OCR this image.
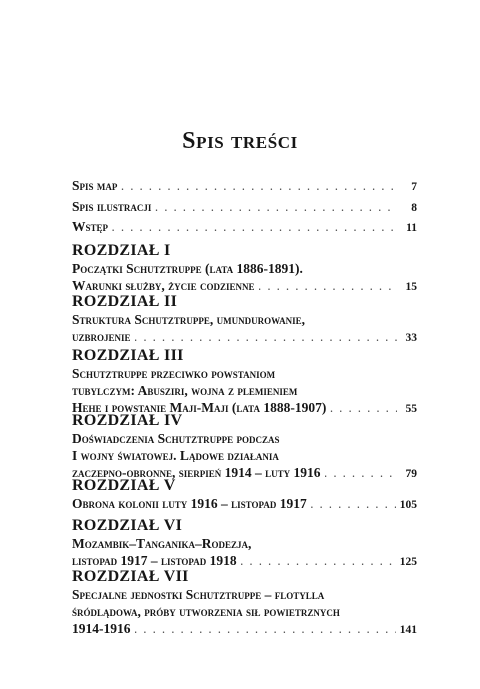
Spis treści
Spis map . . .	7
Spis ilustracji . . .	8
Wstęp . . .	11
ROZDZIAŁ I
Początki Schutztruppe (lata 1886-1891).
Warunki służby, życie codzienne . . .	15
ROZDZIAŁ II
Struktura Schutztruppe, umundurowanie,
uzbrojenie . . .	33
ROZDZIAŁ III
Schutztruppe przeciwko powstaniom
tubylczym: Abusziri, wojna z plemieniem
Hehe i powstanie Maji-Maji (lata 1888-1907) . . .	55
ROZDZIAŁ IV
Doświadczenia Schutztruppe podczas
I wojny światowej. Lądowe działania
zaczepno-obronne, sierpień 1914 – luty 1916 . . .	79
ROZDZIAŁ V
Obrona kolonii luty 1916 – listopad 1917 . . .	105
ROZDZIAŁ VI
Mozambik–Tanganika–Rodezja,
listopad 1917 – listopad 1918 . . .	125
ROZDZIAŁ VII
Specjalne jednostki Schutztruppe – flotylla
śródlądowa, próby utworzenia sił powietrznych
1914-1916 . . .	141
